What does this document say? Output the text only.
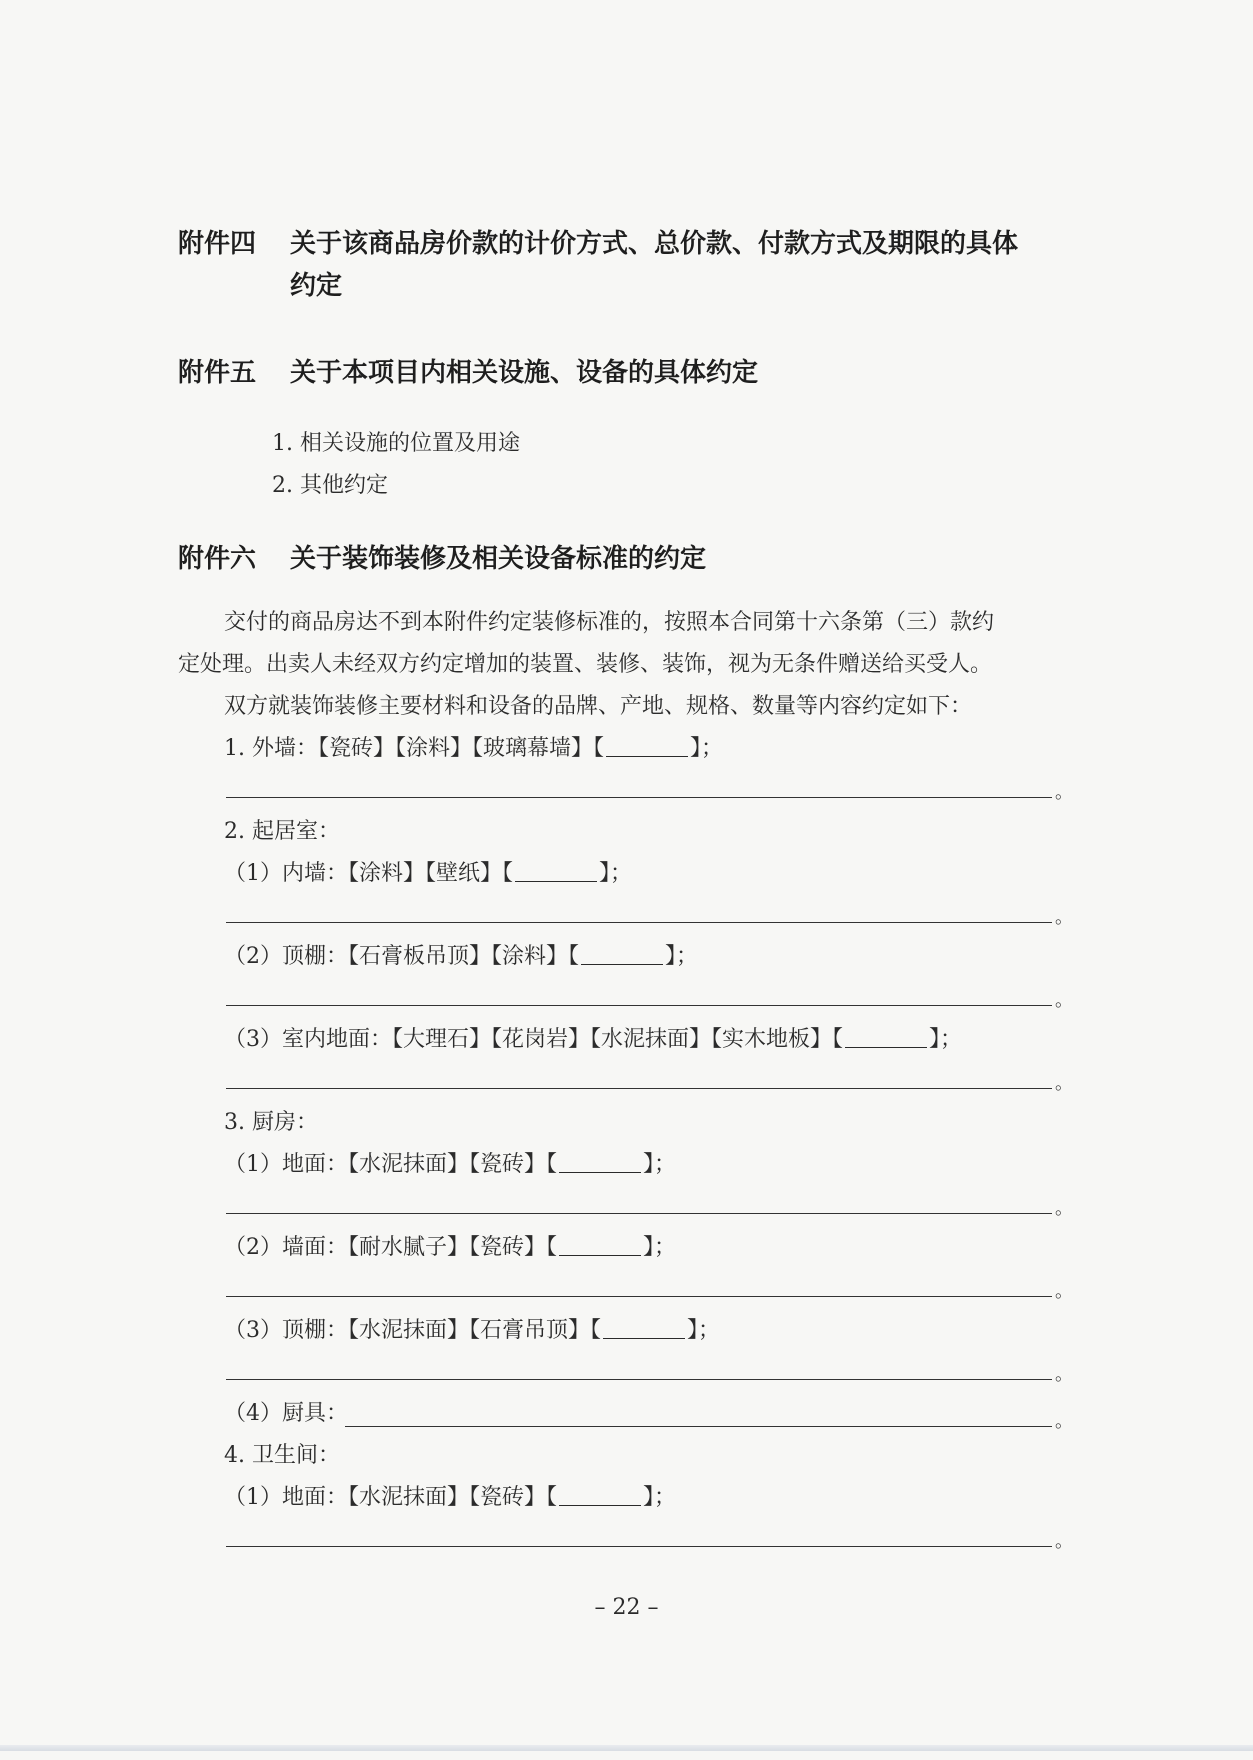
附件四 关于该商品房价款的计价方式、总价款、付款方式及期限的具体
约定
附件五 关于本项目内相关设施、设备的具体约定

1. 相关设施的位置及用途

2. 其他约定

附件六 关于装饰装修及相关设备标准的约定

交付的商品房达不到本附件约定装修标准的，按照本合同第十六条第（三）款约

定处理。出卖人未经双方约定增加的装置、装修、装饰，视为无条件赠送给买受人。

双方就装饰装修主要材料和设备的品牌、产地、规格、数量等内容约定如下：

1. 外墙：【瓷砖】【涂料】【玻璃幕墙】【	】；

。

2. 起居室：

（1）内墙：【涂料】【壁纸】【	】；

。

（2）顶棚：【石膏板吊顶】【涂料】【	】；

。

（3）室内地面：【大理石】【花岗岩】【水泥抹面】【实木地板】【	】；

。

3. 厨房：

（1）地面：【水泥抹面】【瓷砖】【	】；

。

（2）墙面：【耐水腻子】【瓷砖】【	】；

。

（3）顶棚：【水泥抹面】【石膏吊顶】【	】；

。

（4）厨具：	。

4. 卫生间：

（1）地面：【水泥抹面】【瓷砖】【	】；

。
– 22 –
